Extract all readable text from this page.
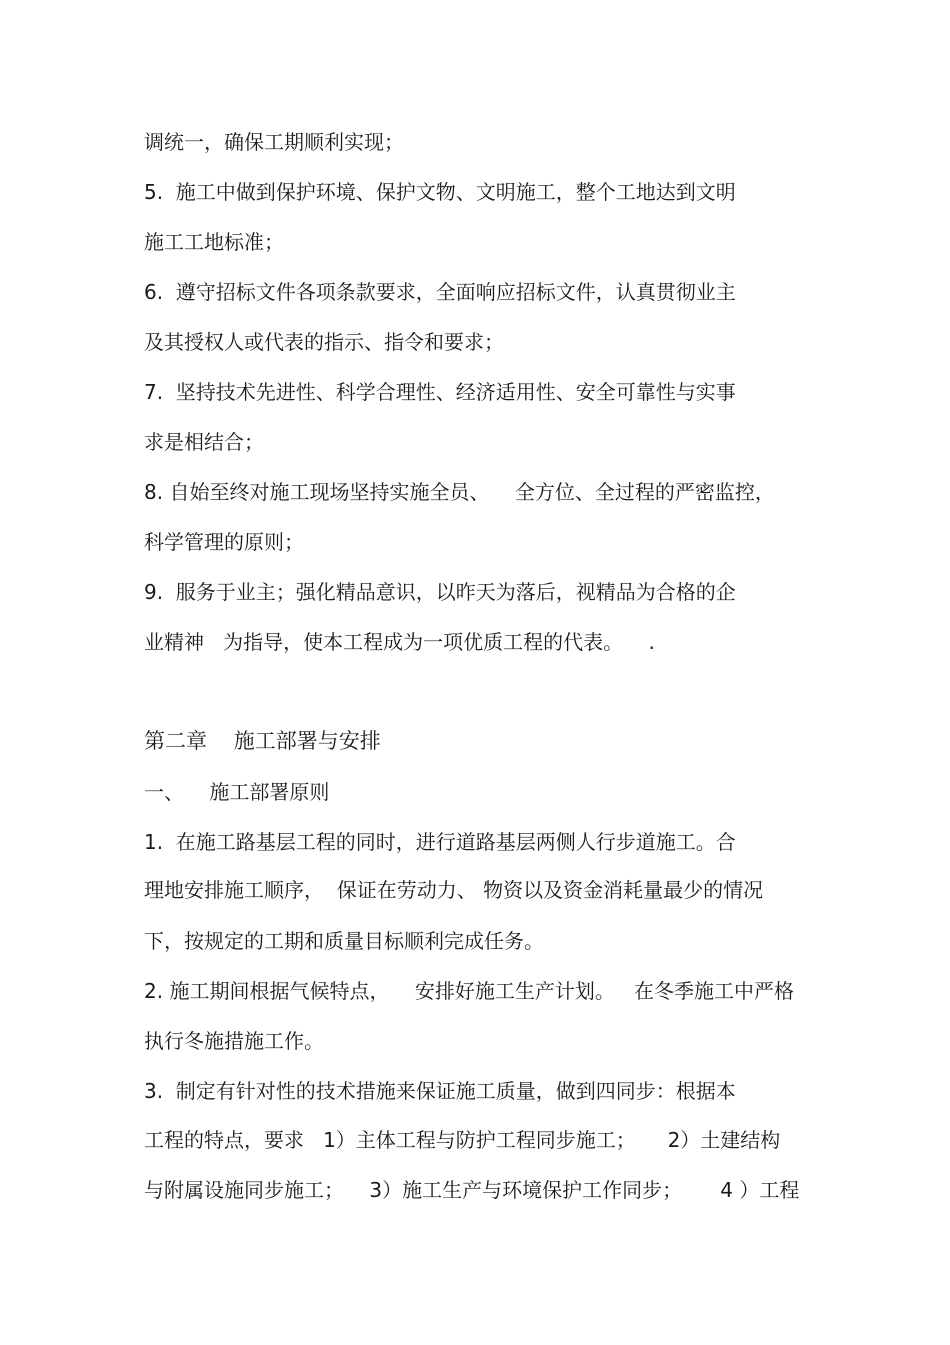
调统一，确保工期顺利实现；
5.  施工中做到保护环境、保护文物、文明施工，整个工地达到文明
施工工地标准；
6.  遵守招标文件各项条款要求，全面响应招标文件，认真贯彻业主
及其授权人或代表的指示、指令和要求；
7.  坚持技术先进性、科学合理性、经济适用性、安全可靠性与实事
求是相结合；
8. 自始至终对施工现场坚持实施全员、    全方位、全过程的严密监控，
科学管理的原则；
9.  服务于业主；强化精品意识，以昨天为落后，视精品为合格的企
业精神   为指导，使本工程成为一项优质工程的代表。    .
第二章    施工部署与安排
一、    施工部署原则
1.  在施工路基层工程的同时，进行道路基层两侧人行步道施工。合
理地安排施工顺序，  保证在劳动力、 物资以及资金消耗量最少的情况
下，按规定的工期和质量目标顺利完成任务。
2. 施工期间根据气候特点，    安排好施工生产计划。   在冬季施工中严格
执行冬施措施工作。
3.  制定有针对性的技术措施来保证施工质量，做到四同步：根据本
工程的特点，要求   1）主体工程与防护工程同步施工；     2）土建结构
与附属设施同步施工；    3）施工生产与环境保护工作同步；      4 ）工程
